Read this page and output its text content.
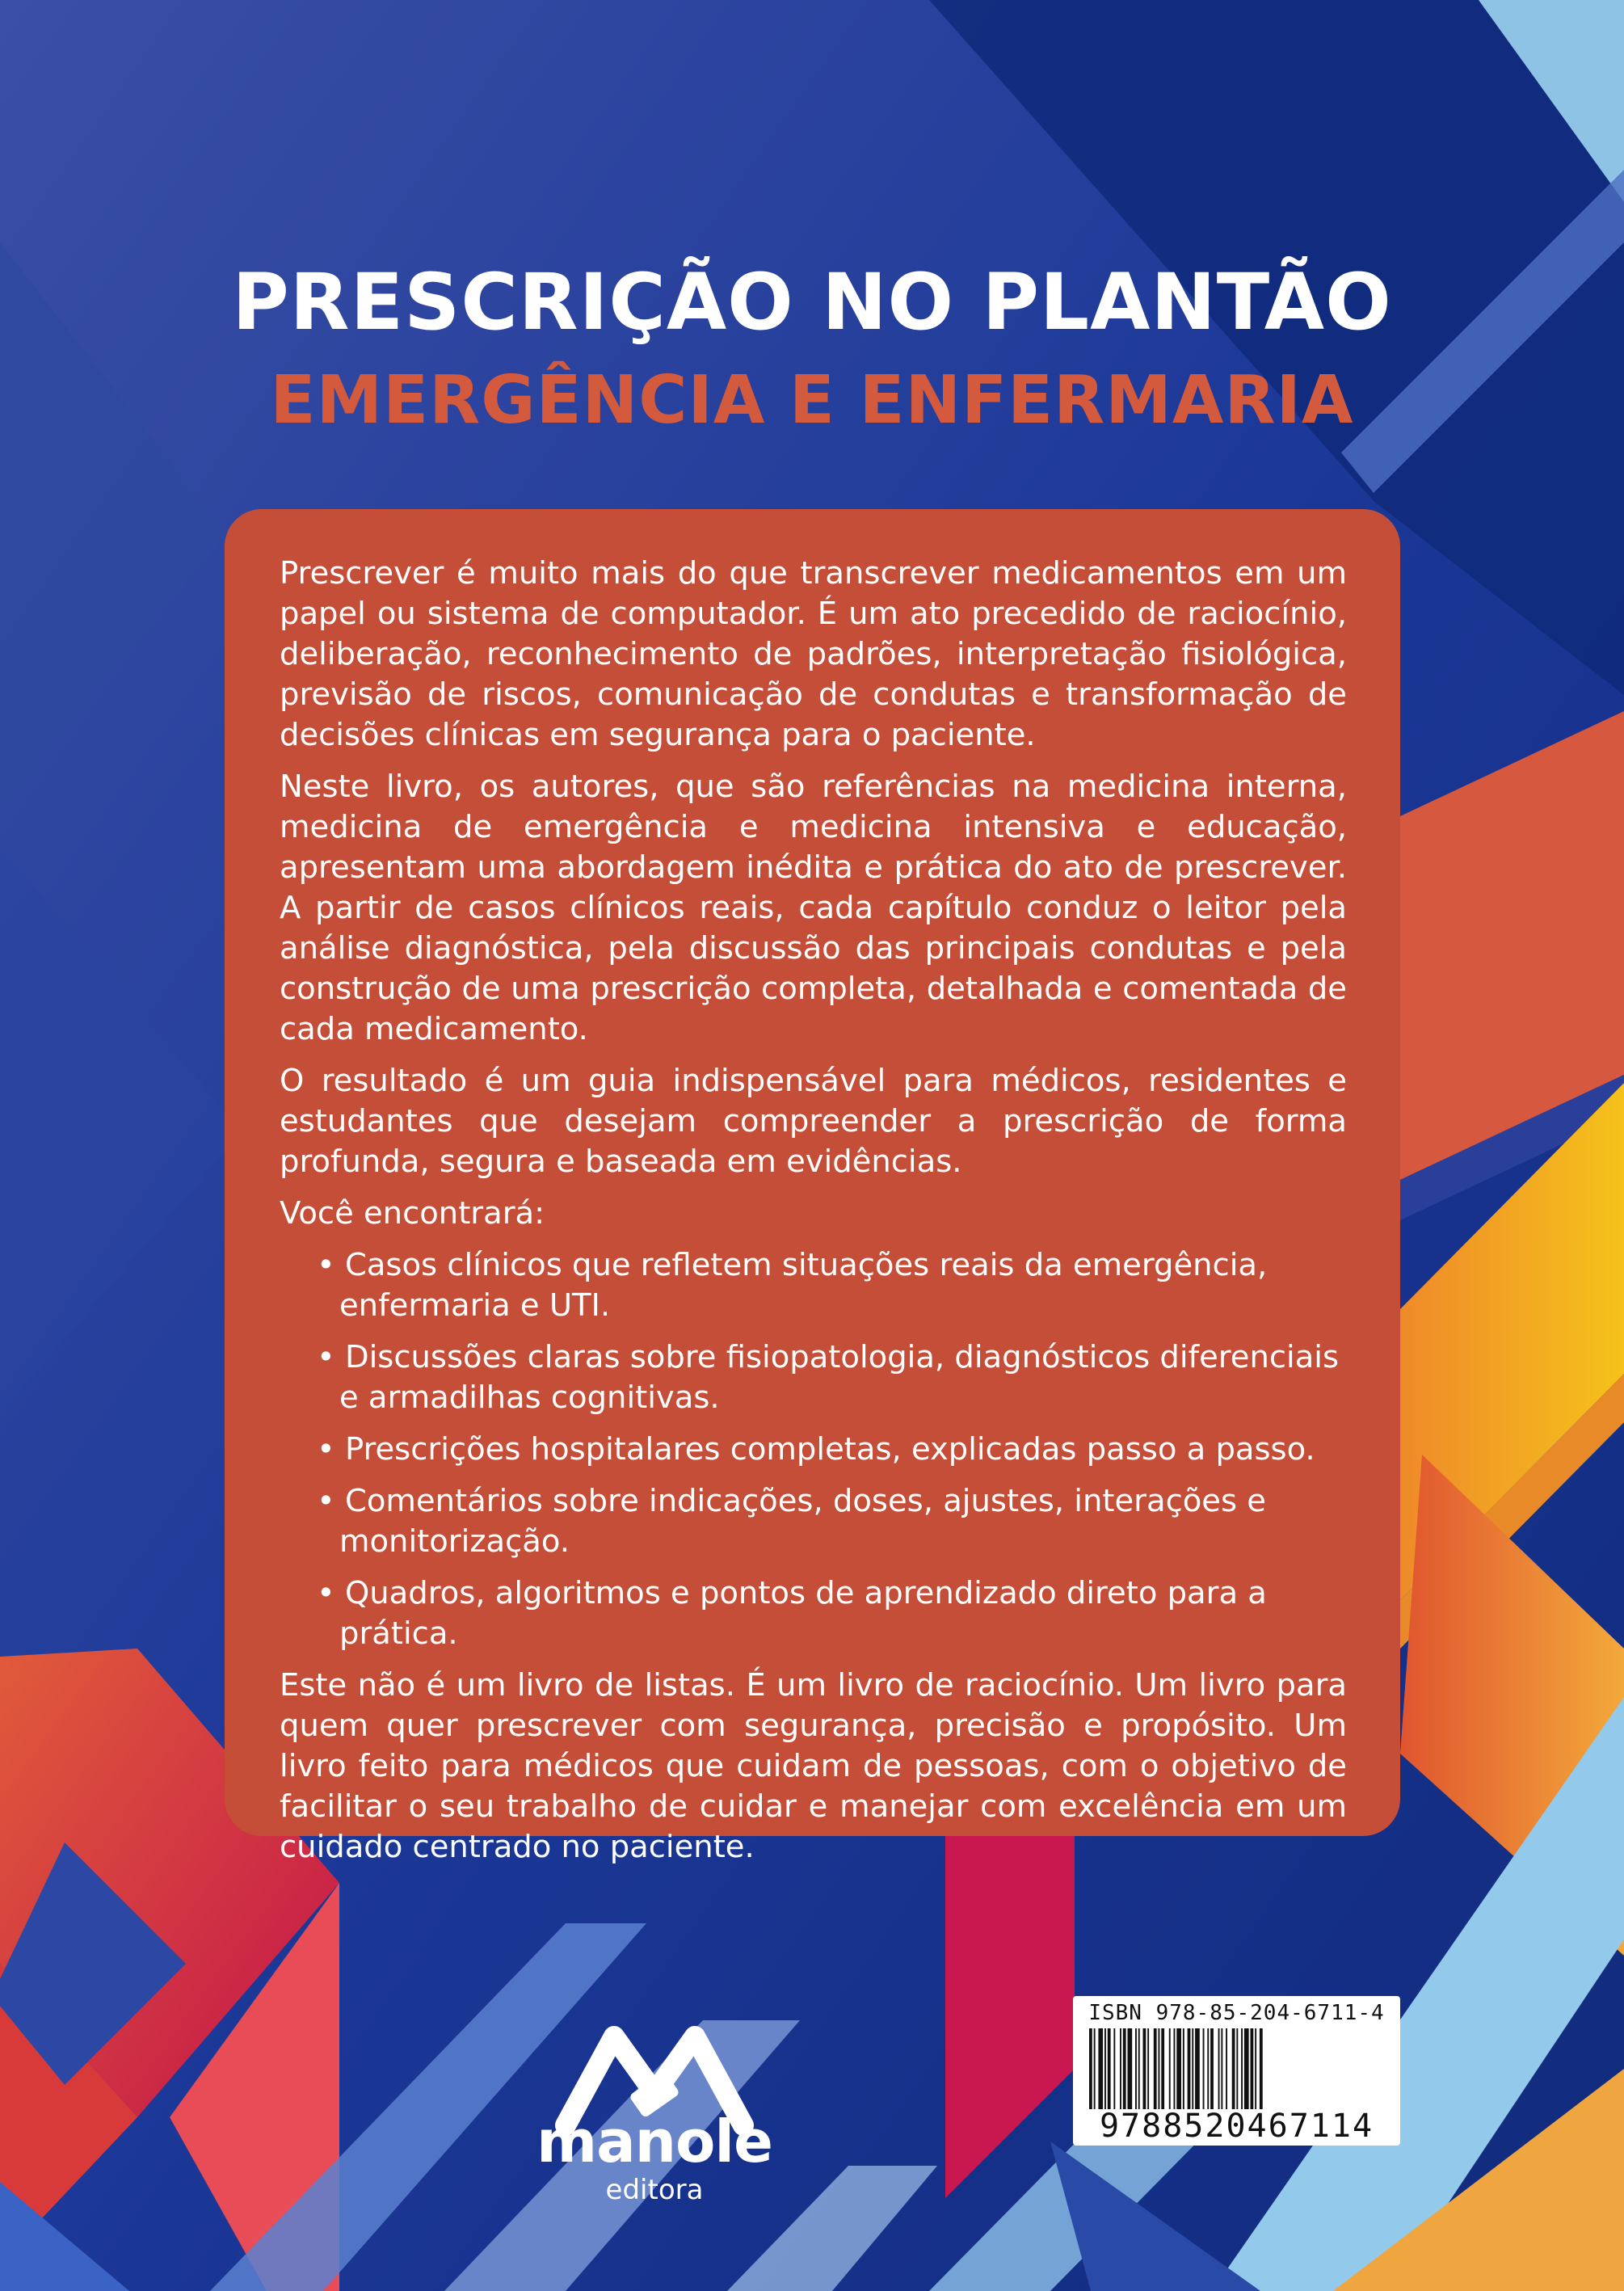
PRESCRIÇÃO NO PLANTÃO
EMERGÊNCIA E ENFERMARIA

Prescrever é muito mais do que transcrever medicamentos em um papel ou sistema de computador. É um ato precedido de raciocínio, deliberação, reconhecimento de padrões, interpretação fisiológica, previsão de riscos, comunicação de condutas e transformação de decisões clínicas em segurança para o paciente.

Neste livro, os autores, que são referências na medicina interna, medicina de emergência e medicina intensiva e educação, apresentam uma abordagem inédita e prática do ato de prescrever. A partir de casos clínicos reais, cada capítulo conduz o leitor pela análise diagnóstica, pela discussão das principais condutas e pela construção de uma prescrição completa, detalhada e comentada de cada medicamento.

O resultado é um guia indispensável para médicos, residentes e estudantes que desejam compreender a prescrição de forma profunda, segura e baseada em evidências.

Você encontrará:

• Casos clínicos que refletem situações reais da emergência, enfermaria e UTI.
• Discussões claras sobre fisiopatologia, diagnósticos diferenciais e armadilhas cognitivas.
• Prescrições hospitalares completas, explicadas passo a passo.
• Comentários sobre indicações, doses, ajustes, interações e monitorização.
• Quadros, algoritmos e pontos de aprendizado direto para a prática.

Este não é um livro de listas. É um livro de raciocínio. Um livro para quem quer prescrever com segurança, precisão e propósito. Um livro feito para médicos que cuidam de pessoas, com o objetivo de facilitar o seu trabalho de cuidar e manejar com excelência em um cuidado centrado no paciente.

manole
editora
ISBN 978-85-204-6711-4
9788520467114
